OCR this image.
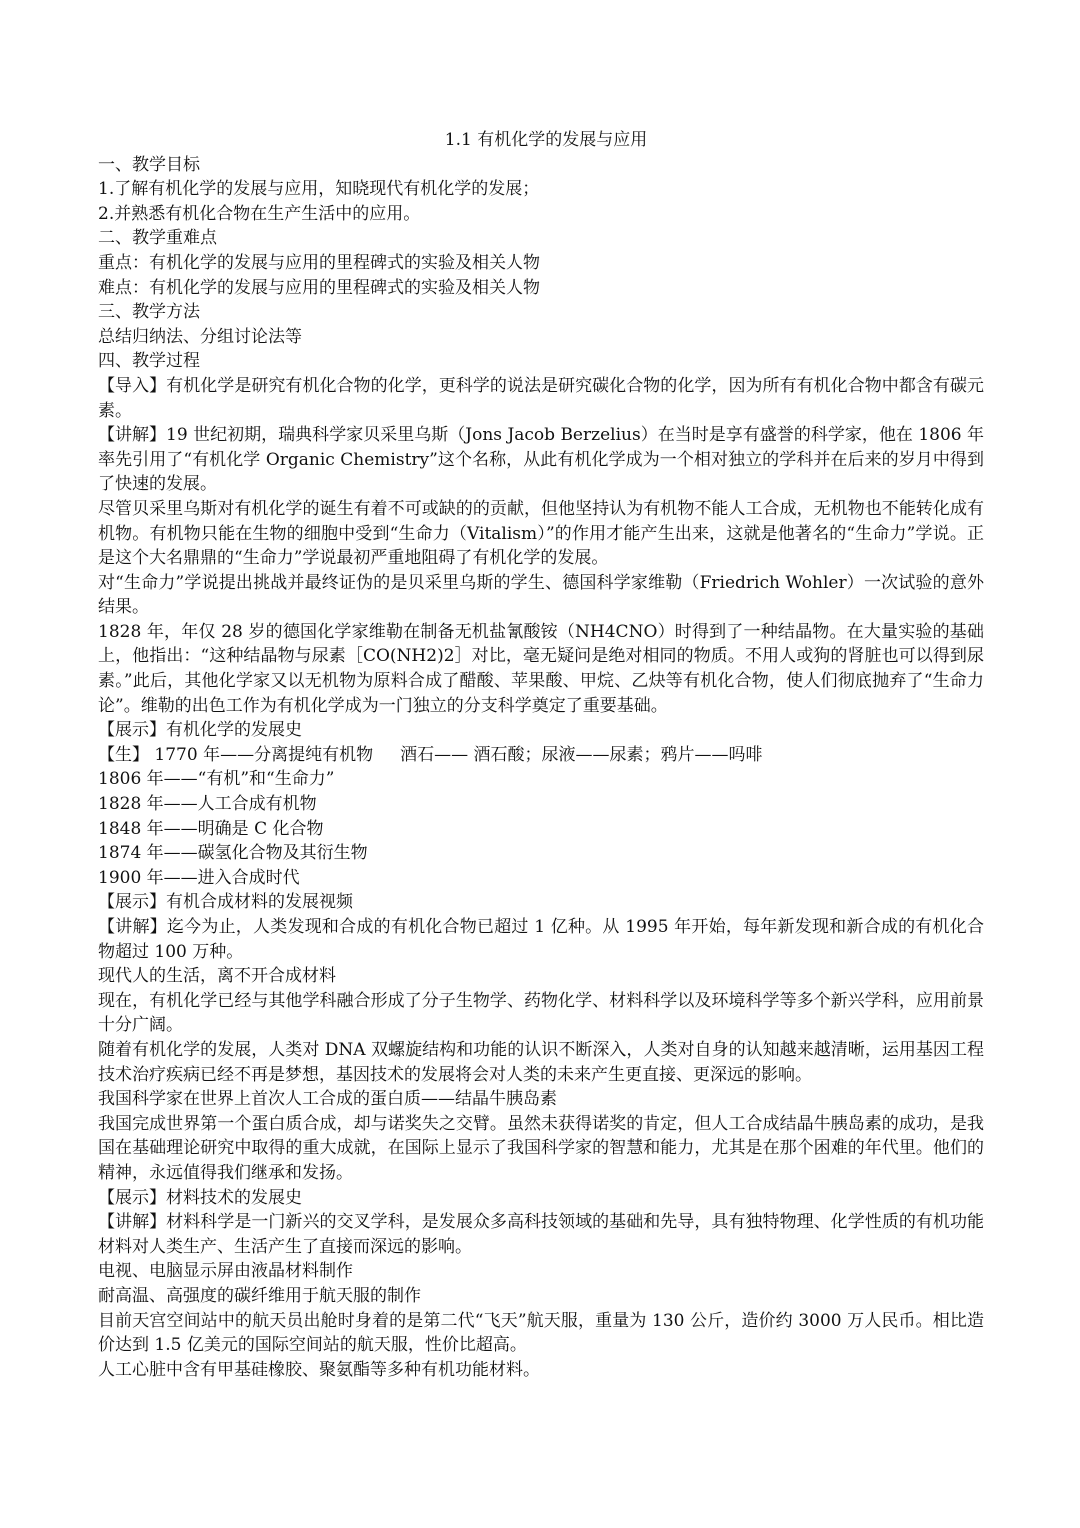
1.1 有机化学的发展与应用

一、教学目标

1.了解有机化学的发展与应用，知晓现代有机化学的发展；

2.并熟悉有机化合物在生产生活中的应用。

二、教学重难点

重点：有机化学的发展与应用的里程碑式的实验及相关人物

难点：有机化学的发展与应用的里程碑式的实验及相关人物

三、教学方法

总结归纳法、分组讨论法等

四、教学过程

【导入】有机化学是研究有机化合物的化学，更科学的说法是研究碳化合物的化学，因为所有有机化合物中都含有碳元素。

【讲解】19 世纪初期，瑞典科学家贝采里乌斯（Jons Jacob Berzelius）在当时是享有盛誉的科学家，他在 1806 年率先引用了“有机化学 Organic Chemistry”这个名称，从此有机化学成为一个相对独立的学科并在后来的岁月中得到了快速的发展。

尽管贝采里乌斯对有机化学的诞生有着不可或缺的的贡献，但他坚持认为有机物不能人工合成，无机物也不能转化成有机物。有机物只能在生物的细胞中受到“生命力（Vitalism）”的作用才能产生出来，这就是他著名的“生命力”学说。正是这个大名鼎鼎的“生命力”学说最初严重地阻碍了有机化学的发展。

对“生命力”学说提出挑战并最终证伪的是贝采里乌斯的学生、德国科学家维勒（Friedrich Wohler）一次试验的意外结果。

1828 年，年仅 28 岁的德国化学家维勒在制备无机盐氰酸铵（NH4CNO）时得到了一种结晶物。在大量实验的基础上，他指出：“这种结晶物与尿素［CO(NH2)2］对比，毫无疑问是绝对相同的物质。不用人或狗的肾脏也可以得到尿素。”此后，其他化学家又以无机物为原料合成了醋酸、苹果酸、甲烷、乙炔等有机化合物，使人们彻底抛弃了“生命力论”。维勒的出色工作为有机化学成为一门独立的分支科学奠定了重要基础。

【展示】有机化学的发展史

【生】 1770 年——分离提纯有机物     酒石—— 酒石酸；尿液——尿素；鸦片——吗啡

1806 年——“有机”和“生命力”

1828 年——人工合成有机物

1848 年——明确是 C 化合物

1874 年——碳氢化合物及其衍生物

1900 年——进入合成时代

【展示】有机合成材料的发展视频

【讲解】迄今为止，人类发现和合成的有机化合物已超过 1 亿种。从 1995 年开始，每年新发现和新合成的有机化合物超过 100 万种。

现代人的生活，离不开合成材料

现在，有机化学已经与其他学科融合形成了分子生物学、药物化学、材料科学以及环境科学等多个新兴学科，应用前景十分广阔。

随着有机化学的发展，人类对 DNA 双螺旋结构和功能的认识不断深入，人类对自身的认知越来越清晰，运用基因工程技术治疗疾病已经不再是梦想，基因技术的发展将会对人类的未来产生更直接、更深远的影响。

我国科学家在世界上首次人工合成的蛋白质——结晶牛胰岛素

我国完成世界第一个蛋白质合成，却与诺奖失之交臂。虽然未获得诺奖的肯定，但人工合成结晶牛胰岛素的成功，是我国在基础理论研究中取得的重大成就，在国际上显示了我国科学家的智慧和能力，尤其是在那个困难的年代里。他们的精神，永远值得我们继承和发扬。

【展示】材料技术的发展史

【讲解】材料科学是一门新兴的交叉学科，是发展众多高科技领域的基础和先导，具有独特物理、化学性质的有机功能材料对人类生产、生活产生了直接而深远的影响。

电视、电脑显示屏由液晶材料制作

耐高温、高强度的碳纤维用于航天服的制作

目前天宫空间站中的航天员出舱时身着的是第二代“飞天”航天服，重量为 130 公斤，造价约 3000 万人民币。相比造价达到 1.5 亿美元的国际空间站的航天服，性价比超高。

人工心脏中含有甲基硅橡胶、聚氨酯等多种有机功能材料。
